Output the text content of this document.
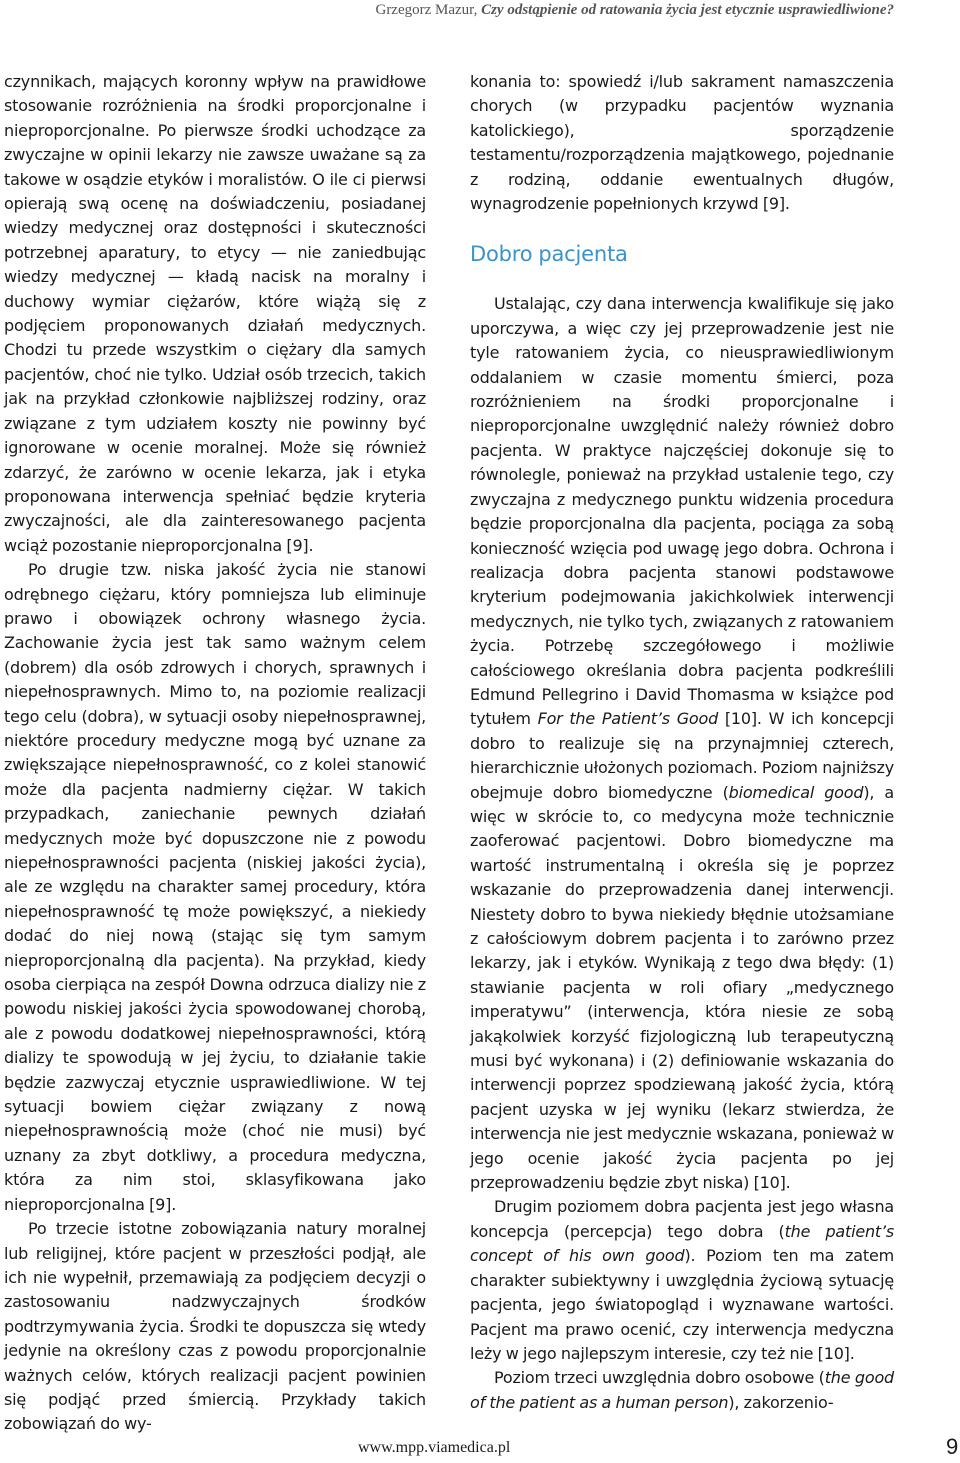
Grzegorz Mazur, Czy odstąpienie od ratowania życia jest etycznie usprawiedliwione?

czynnikach, mających koronny wpływ na prawidłowe stosowanie rozróżnienia na środki proporcjonalne i nieproporcjonalne. Po pierwsze środki uchodzące za zwyczajne w opinii lekarzy nie zawsze uważane są za takowe w osądzie etyków i moralistów. O ile ci pierwsi opierają swą ocenę na doświadczeniu, posiadanej wiedzy medycznej oraz dostępności i skuteczności potrzebnej aparatury, to etycy — nie zaniedbując wiedzy medycznej — kładą nacisk na moralny i duchowy wymiar ciężarów, które wiążą się z podjęciem proponowanych działań medycznych. Chodzi tu przede wszystkim o ciężary dla samych pacjentów, choć nie tylko. Udział osób trzecich, takich jak na przykład członkowie najbliższej rodziny, oraz związane z tym udziałem koszty nie powinny być ignorowane w ocenie moralnej. Może się również zdarzyć, że zarówno w ocenie lekarza, jak i etyka proponowana interwencja spełniać będzie kryteria zwyczajności, ale dla zainteresowanego pacjenta wciąż pozostanie nieproporcjonalna [9].

Po drugie tzw. niska jakość życia nie stanowi odrębnego ciężaru, który pomniejsza lub eliminuje prawo i obowiązek ochrony własnego życia. Zachowanie życia jest tak samo ważnym celem (dobrem) dla osób zdrowych i chorych, sprawnych i niepełnosprawnych. Mimo to, na poziomie realizacji tego celu (dobra), w sytuacji osoby niepełnosprawnej, niektóre procedury medyczne mogą być uznane za zwiększające niepełnosprawność, co z kolei stanowić może dla pacjenta nadmierny ciężar. W takich przypadkach, zaniechanie pewnych działań medycznych może być dopuszczone nie z powodu niepełnosprawności pacjenta (niskiej jakości życia), ale ze względu na charakter samej procedury, która niepełnosprawność tę może powiększyć, a niekiedy dodać do niej nową (stając się tym samym nieproporcjonalną dla pacjenta). Na przykład, kiedy osoba cierpiąca na zespół Downa odrzuca dializy nie z powodu niskiej jakości życia spowodowanej chorobą, ale z powodu dodatkowej niepełnosprawności, którą dializy te spowodują w jej życiu, to działanie takie będzie zazwyczaj etycznie usprawiedliwione. W tej sytuacji bowiem ciężar związany z nową niepełnosprawnością może (choć nie musi) być uznany za zbyt dotkliwy, a procedura medyczna, która za nim stoi, sklasyfikowana jako nieproporcjonalna [9].

Po trzecie istotne zobowiązania natury moralnej lub religijnej, które pacjent w przeszłości podjął, ale ich nie wypełnił, przemawiają za podjęciem decyzji o zastosowaniu nadzwyczajnych środków podtrzymywania życia. Środki te dopuszcza się wtedy jedynie na określony czas z powodu proporcjonalnie ważnych celów, których realizacji pacjent powinien się podjąć przed śmiercią. Przykłady takich zobowiązań do wy-

konania to: spowiedź i/lub sakrament namaszczenia chorych (w przypadku pacjentów wyznania katolickiego), sporządzenie testamentu/rozporządzenia majątkowego, pojednanie z rodziną, oddanie ewentualnych długów, wynagrodzenie popełnionych krzywd [9].

Dobro pacjenta

Ustalając, czy dana interwencja kwalifikuje się jako uporczywa, a więc czy jej przeprowadzenie jest nie tyle ratowaniem życia, co nieusprawiedliwionym oddalaniem w czasie momentu śmierci, poza rozróżnieniem na środki proporcjonalne i nieproporcjonalne uwzględnić należy również dobro pacjenta. W praktyce najczęściej dokonuje się to równolegle, ponieważ na przykład ustalenie tego, czy zwyczajna z medycznego punktu widzenia procedura będzie proporcjonalna dla pacjenta, pociąga za sobą konieczność wzięcia pod uwagę jego dobra. Ochrona i realizacja dobra pacjenta stanowi podstawowe kryterium podejmowania jakichkolwiek interwencji medycznych, nie tylko tych, związanych z ratowaniem życia. Potrzebę szczegółowego i możliwie całościowego określania dobra pacjenta podkreślili Edmund Pellegrino i David Thomasma w książce pod tytułem For the Patient’s Good [10]. W ich koncepcji dobro to realizuje się na przynajmniej czterech, hierarchicznie ułożonych poziomach. Poziom najniższy obejmuje dobro biomedyczne (biomedical good), a więc w skrócie to, co medycyna może technicznie zaoferować pacjentowi. Dobro biomedyczne ma wartość instrumentalną i określa się je poprzez wskazanie do przeprowadzenia danej interwencji. Niestety dobro to bywa niekiedy błędnie utożsamiane z całościowym dobrem pacjenta i to zarówno przez lekarzy, jak i etyków. Wynikają z tego dwa błędy: (1) stawianie pacjenta w roli ofiary „medycznego imperatywu” (interwencja, która niesie ze sobą jakąkolwiek korzyść fizjologiczną lub terapeutyczną musi być wykonana) i (2) definiowanie wskazania do interwencji poprzez spodziewaną jakość życia, którą pacjent uzyska w jej wyniku (lekarz stwierdza, że interwencja nie jest medycznie wskazana, ponieważ w jego ocenie jakość życia pacjenta po jej przeprowadzeniu będzie zbyt niska) [10].

Drugim poziomem dobra pacjenta jest jego własna koncepcja (percepcja) tego dobra (the patient’s concept of his own good). Poziom ten ma zatem charakter subiektywny i uwzględnia życiową sytuację pacjenta, jego światopogląd i wyznawane wartości. Pacjent ma prawo ocenić, czy interwencja medyczna leży w jego najlepszym interesie, czy też nie [10].

Poziom trzeci uwzględnia dobro osobowe (the good of the patient as a human person), zakorzenio-

www.mpp.viamedica.pl	9
